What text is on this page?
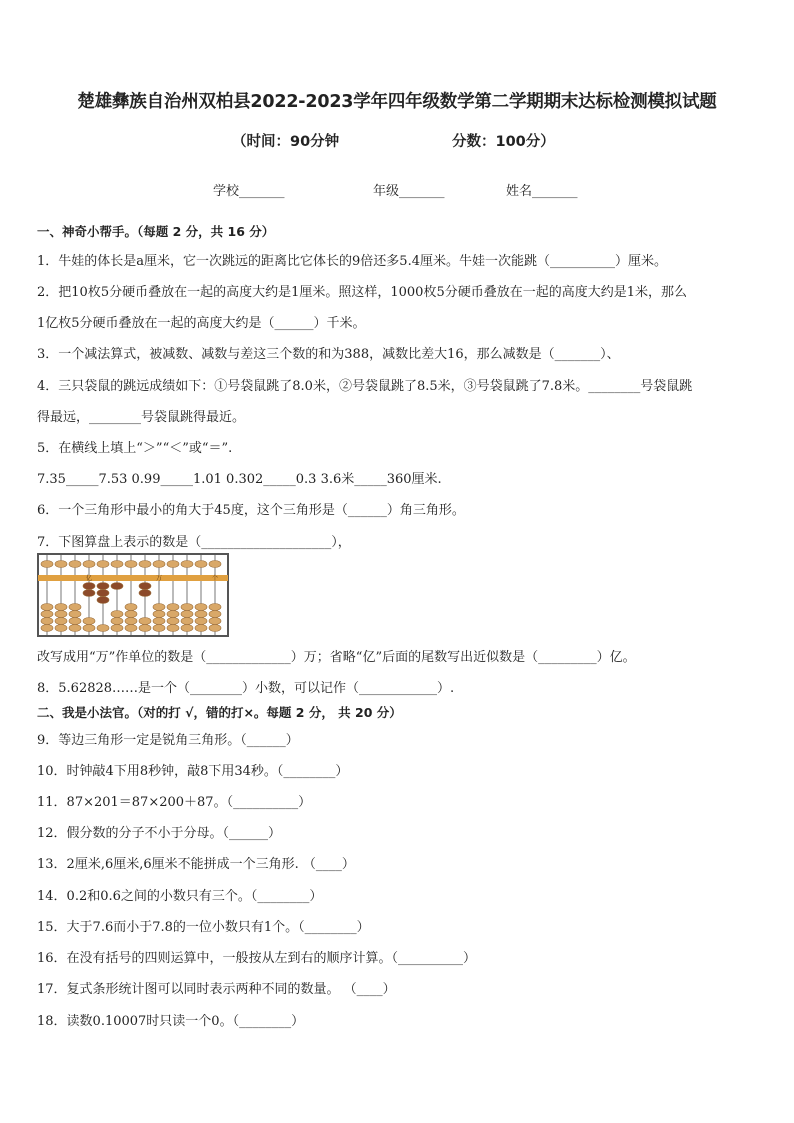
楚雄彝族自治州双柏县2022-2023学年四年级数学第二学期期末达标检测模拟试题
（时间：90分钟	分数：100分）
学校_______	年级_______	姓名_______
一、神奇小帮手。（每题 2 分，共 16 分）
1．牛娃的体长是a厘米，它一次跳远的距离比它体长的9倍还多5.4厘米。牛娃一次能跳（__________）厘米。
2．把10枚5分硬币叠放在一起的高度大约是1厘米。照这样，1000枚5分硬币叠放在一起的高度大约是1米，那么
1亿枚5分硬币叠放在一起的高度大约是（______）千米。
3．一个减法算式，被减数、减数与差这三个数的和为388，减数比差大16，那么减数是（_______）、
4．三只袋鼠的跳远成绩如下：①号袋鼠跳了8.0米，②号袋鼠跳了8.5米，③号袋鼠跳了7.8米。________号袋鼠跳
得最远，________号袋鼠跳得最近。
5．在横线上填上“＞”“＜”或“＝”.
7.35_____7.53 0.99_____1.01 0.302_____0.3 3.6米_____360厘米.
6．一个三角形中最小的角大于45度，这个三角形是（______）角三角形。
7．下图算盘上表示的数是（____________________），
亿	万	个
改写成用“万”作单位的数是（_____________）万；省略“亿”后面的尾数写出近似数是（_________）亿。
8．5.62828……是一个（________）小数，可以记作（____________）.
二、我是小法官。（对的打 √，错的打×。每题 2 分， 共 20 分）
9．等边三角形一定是锐角三角形。（______）
10．时钟敲4下用8秒钟，敲8下用34秒。（________）
11．87×201＝87×200＋87。（__________）
12．假分数的分子不小于分母。（______）
13．2厘米,6厘米,6厘米不能拼成一个三角形. （____）
14．0.2和0.6之间的小数只有三个。（________）
15．大于7.6而小于7.8的一位小数只有1个。（________）
16．在没有括号的四则运算中，一般按从左到右的顺序计算。（__________）
17．复式条形统计图可以同时表示两种不同的数量。 （____）
18．读数0.10007时只读一个0。（________）
